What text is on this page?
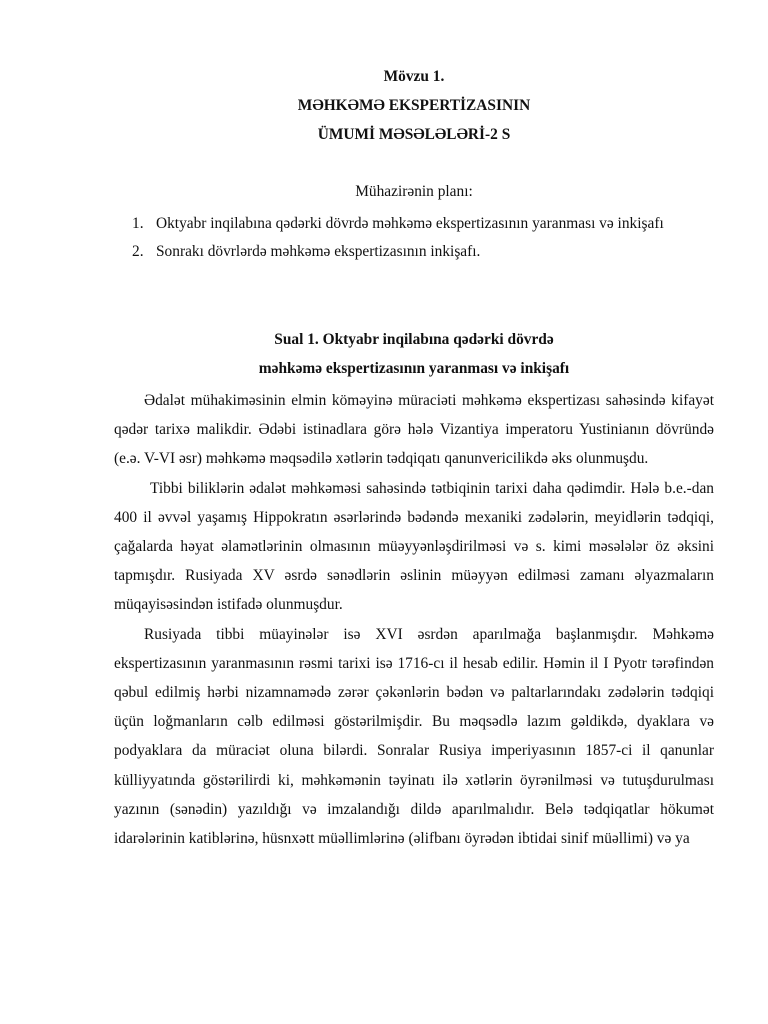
Mövzu 1.
MƏHKƏMƏ EKSPERTİZASININ
ÜMUMİ MƏSƏLƏLƏRİ-2 S
Mühazirənin planı:
1. Oktyabr inqilabına qədərki dövrdə məhkəmə ekspertizasının yaranması və inkişafı
2. Sonrakı dövrlərdə məhkəmə ekspertizasının inkişafı.
Sual 1. Oktyabr inqilabına qədərki dövrdə
məhkəmə ekspertizasının yaranması və inkişafı

Ədalət mühakiməsinin elmin köməyinə müraciəti məhkəmə ekspertizası sahəsində kifayət qədər tarixə malikdir. Ədəbi istinadlara görə hələ Vizantiya imperatoru Yustinianın dövründə (e.ə. V-VI əsr) məhkəmə məqsədilə xətlərin tədqiqatı qanunvericilikdə əks olunmuşdu.

Tibbi biliklərin ədalət məhkəməsi sahəsində tətbiqinin tarixi daha qədimdir. Hələ b.e.-dan 400 il əvvəl yaşamış Hippokratın əsərlərində bədəndə mexaniki zədələrin, meyidlərin tədqiqi, çağalarda həyat əlamətlərinin olmasının müəyyənləşdirilməsi və s. kimi məsələlər öz əksini tapmışdır. Rusiyada XV əsrdə sənədlərin əslinin müəyyən edilməsi zamanı əlyazmaların müqayisəsindən istifadə olunmuşdur.

Rusiyada tibbi müayinələr isə XVI əsrdən aparılmağa başlanmışdır. Məhkəmə ekspertizasının yaranmasının rəsmi tarixi isə 1716-cı il hesab edilir. Həmin il I Pyotr tərəfindən qəbul edilmiş hərbi nizamnamədə zərər çəkənlərin bədən və paltarlarındakı zədələrin tədqiqi üçün loğmanların cəlb edilməsi göstərilmişdir. Bu məqsədlə lazım gəldikdə, dyaklara və podyaklara da müraciət oluna bilərdi. Sonralar Rusiya imperiyasının 1857-ci il qanunlar külliyyatında göstərilirdi ki, məhkəmənin təyinatı ilə xətlərin öyrənilməsi və tutuşdurulması yazının (sənədin) yazıldığı və imzalandığı dildə aparılmalıdır. Belə tədqiqatlar hökumət idarələrinin katiblərinə, hüsnxətt müəllimlərinə (əlifbanı öyrədən ibtidai sinif müəllimi) və ya
